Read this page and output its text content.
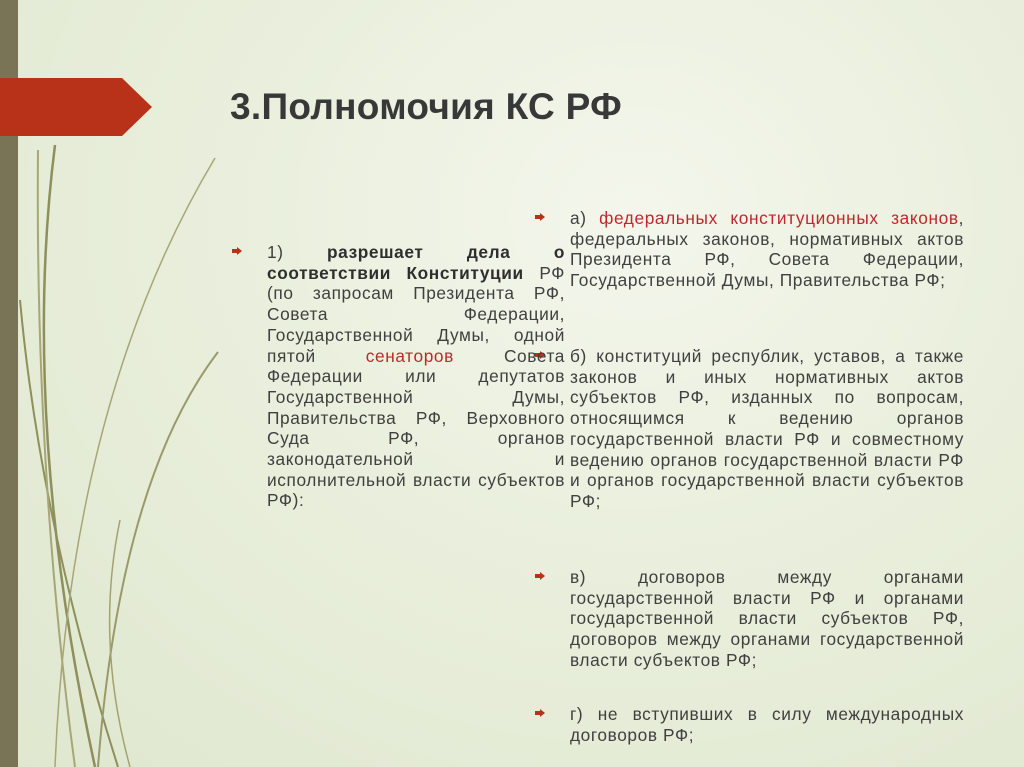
3.Полномочия КС РФ
1) разрешает дела о соответствии Конституции РФ (по запросам Президента РФ, Совета Федерации, Государственной Думы, одной пятой сенаторов Совета Федерации или депутатов Государственной Думы, Правительства РФ, Верховного Суда РФ, органов законодательной и исполнительной власти субъектов РФ):
а) федеральных конституционных законов, федеральных законов, нормативных актов Президента РФ, Совета Федерации, Государственной Думы, Правительства РФ;
б) конституций республик, уставов, а также законов и иных нормативных актов субъектов РФ, изданных по вопросам, относящимся к ведению органов государственной власти РФ и совместному ведению органов государственной власти РФ и органов государственной власти субъектов РФ;
в) договоров между органами государственной власти РФ и органами государственной власти субъектов РФ, договоров между органами государственной власти субъектов РФ;
г) не вступивших в силу международных договоров РФ;
